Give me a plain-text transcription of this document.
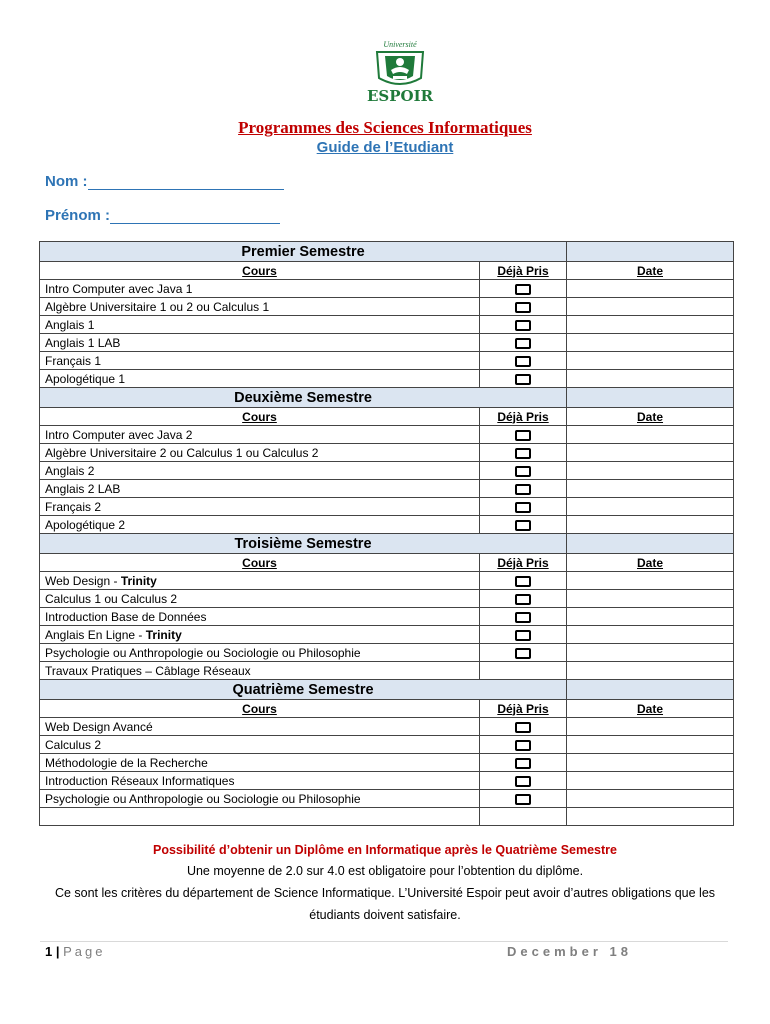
Université
ESPOIR
Programmes des Sciences Informatiques
Guide de l’Etudiant
Nom :
Prénom :
Premier Semestre		
Cours	Déjà Pris	Date
Intro Computer avec Java 1		
Algèbre Universitaire 1 ou 2 ou Calculus 1		
Anglais 1		
Anglais 1 LAB		
Français 1		
Apologétique 1		
Deuxième Semestre		
Cours	Déjà Pris	Date
Intro Computer avec Java 2		
Algèbre Universitaire 2 ou Calculus 1 ou Calculus 2		
Anglais 2		
Anglais 2 LAB		
Français 2		
Apologétique 2		
Troisième Semestre		
Cours	Déjà Pris	Date
Web Design - Trinity		
Calculus 1 ou Calculus 2		
Introduction Base de Données		
Anglais En Ligne - Trinity		
Psychologie ou Anthropologie ou Sociologie ou Philosophie		
Travaux Pratiques – Câblage Réseaux		
Quatrième Semestre		
Cours	Déjà Pris	Date
Web Design Avancé		
Calculus 2		
Méthodologie de la Recherche		
Introduction Réseaux Informatiques		
Psychologie ou Anthropologie ou Sociologie ou Philosophie		

Possibilité d’obtenir un Diplôme en Informatique après le Quatrième Semestre
Une moyenne de 2.0 sur 4.0 est obligatoire pour l’obtention du diplôme.
Ce sont les critères du département de Science Informatique. L’Université Espoir peut avoir d’autres obligations que les étudiants doivent satisfaire.
1 | Page	December 18
